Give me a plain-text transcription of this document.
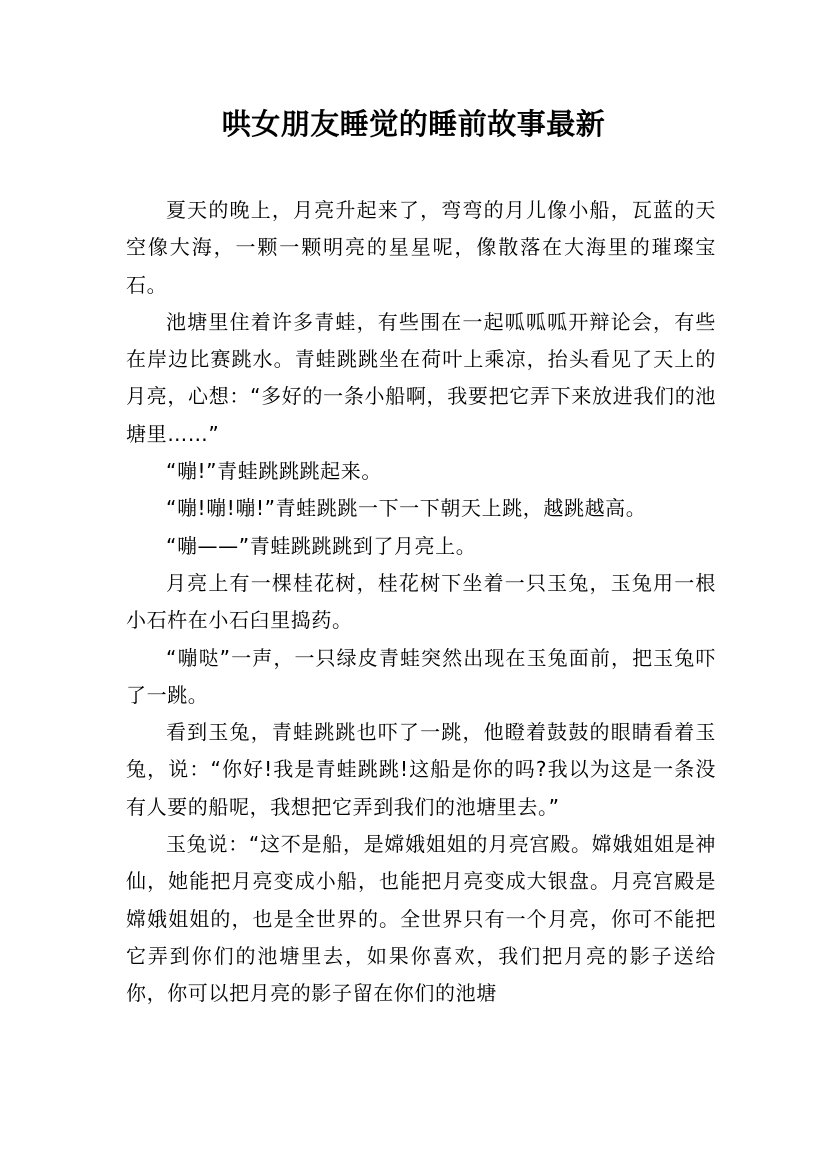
哄女朋友睡觉的睡前故事最新

夏天的晚上，月亮升起来了，弯弯的月儿像小船，瓦蓝的天空像大海，一颗一颗明亮的星星呢，像散落在大海里的璀璨宝石。

池塘里住着许多青蛙，有些围在一起呱呱呱开辩论会，有些在岸边比赛跳水。青蛙跳跳坐在荷叶上乘凉，抬头看见了天上的月亮，心想：“多好的一条小船啊，我要把它弄下来放进我们的池塘里……”

“嘣!”青蛙跳跳跳起来。

“嘣!嘣!嘣!”青蛙跳跳一下一下朝天上跳，越跳越高。

“嘣——”青蛙跳跳跳到了月亮上。

月亮上有一棵桂花树，桂花树下坐着一只玉兔，玉兔用一根小石杵在小石臼里捣药。

“嘣哒”一声，一只绿皮青蛙突然出现在玉兔面前，把玉兔吓了一跳。

看到玉兔，青蛙跳跳也吓了一跳，他瞪着鼓鼓的眼睛看着玉兔，说：“你好!我是青蛙跳跳!这船是你的吗?我以为这是一条没有人要的船呢，我想把它弄到我们的池塘里去。”

玉兔说：“这不是船，是嫦娥姐姐的月亮宫殿。嫦娥姐姐是神仙，她能把月亮变成小船，也能把月亮变成大银盘。月亮宫殿是嫦娥姐姐的，也是全世界的。全世界只有一个月亮，你可不能把它弄到你们的池塘里去，如果你喜欢，我们把月亮的影子送给你，你可以把月亮的影子留在你们的池塘
